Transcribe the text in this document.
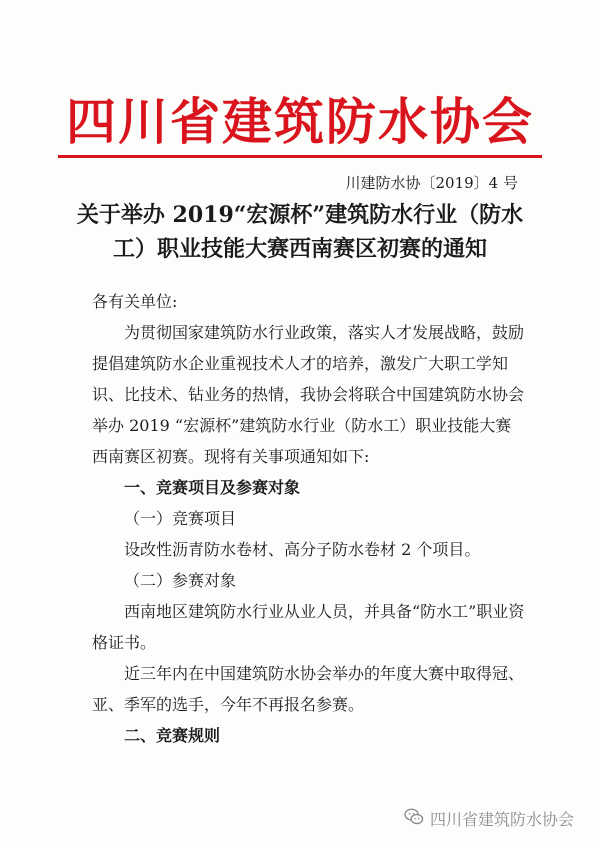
四川省建筑防水协会
川建防水协〔2019〕4 号
关于举办 2019“宏源杯”建筑防水行业（防水工）职业技能大赛西南赛区初赛的通知

各有关单位:

为贯彻国家建筑防水行业政策，落实人才发展战略，鼓励提倡建筑防水企业重视技术人才的培养，激发广大职工学知识、比技术、钻业务的热情，我协会将联合中国建筑防水协会举办 2019 “宏源杯”建筑防水行业（防水工）职业技能大赛西南赛区初赛。现将有关事项通知如下:

一、竞赛项目及参赛对象

（一）竞赛项目

设改性沥青防水卷材、高分子防水卷材 2 个项目。

（二）参赛对象

西南地区建筑防水行业从业人员，并具备“防水工”职业资格证书。

近三年内在中国建筑防水协会举办的年度大赛中取得冠、亚、季军的选手，今年不再报名参赛。

二、竞赛规则

四川省建筑防水协会
